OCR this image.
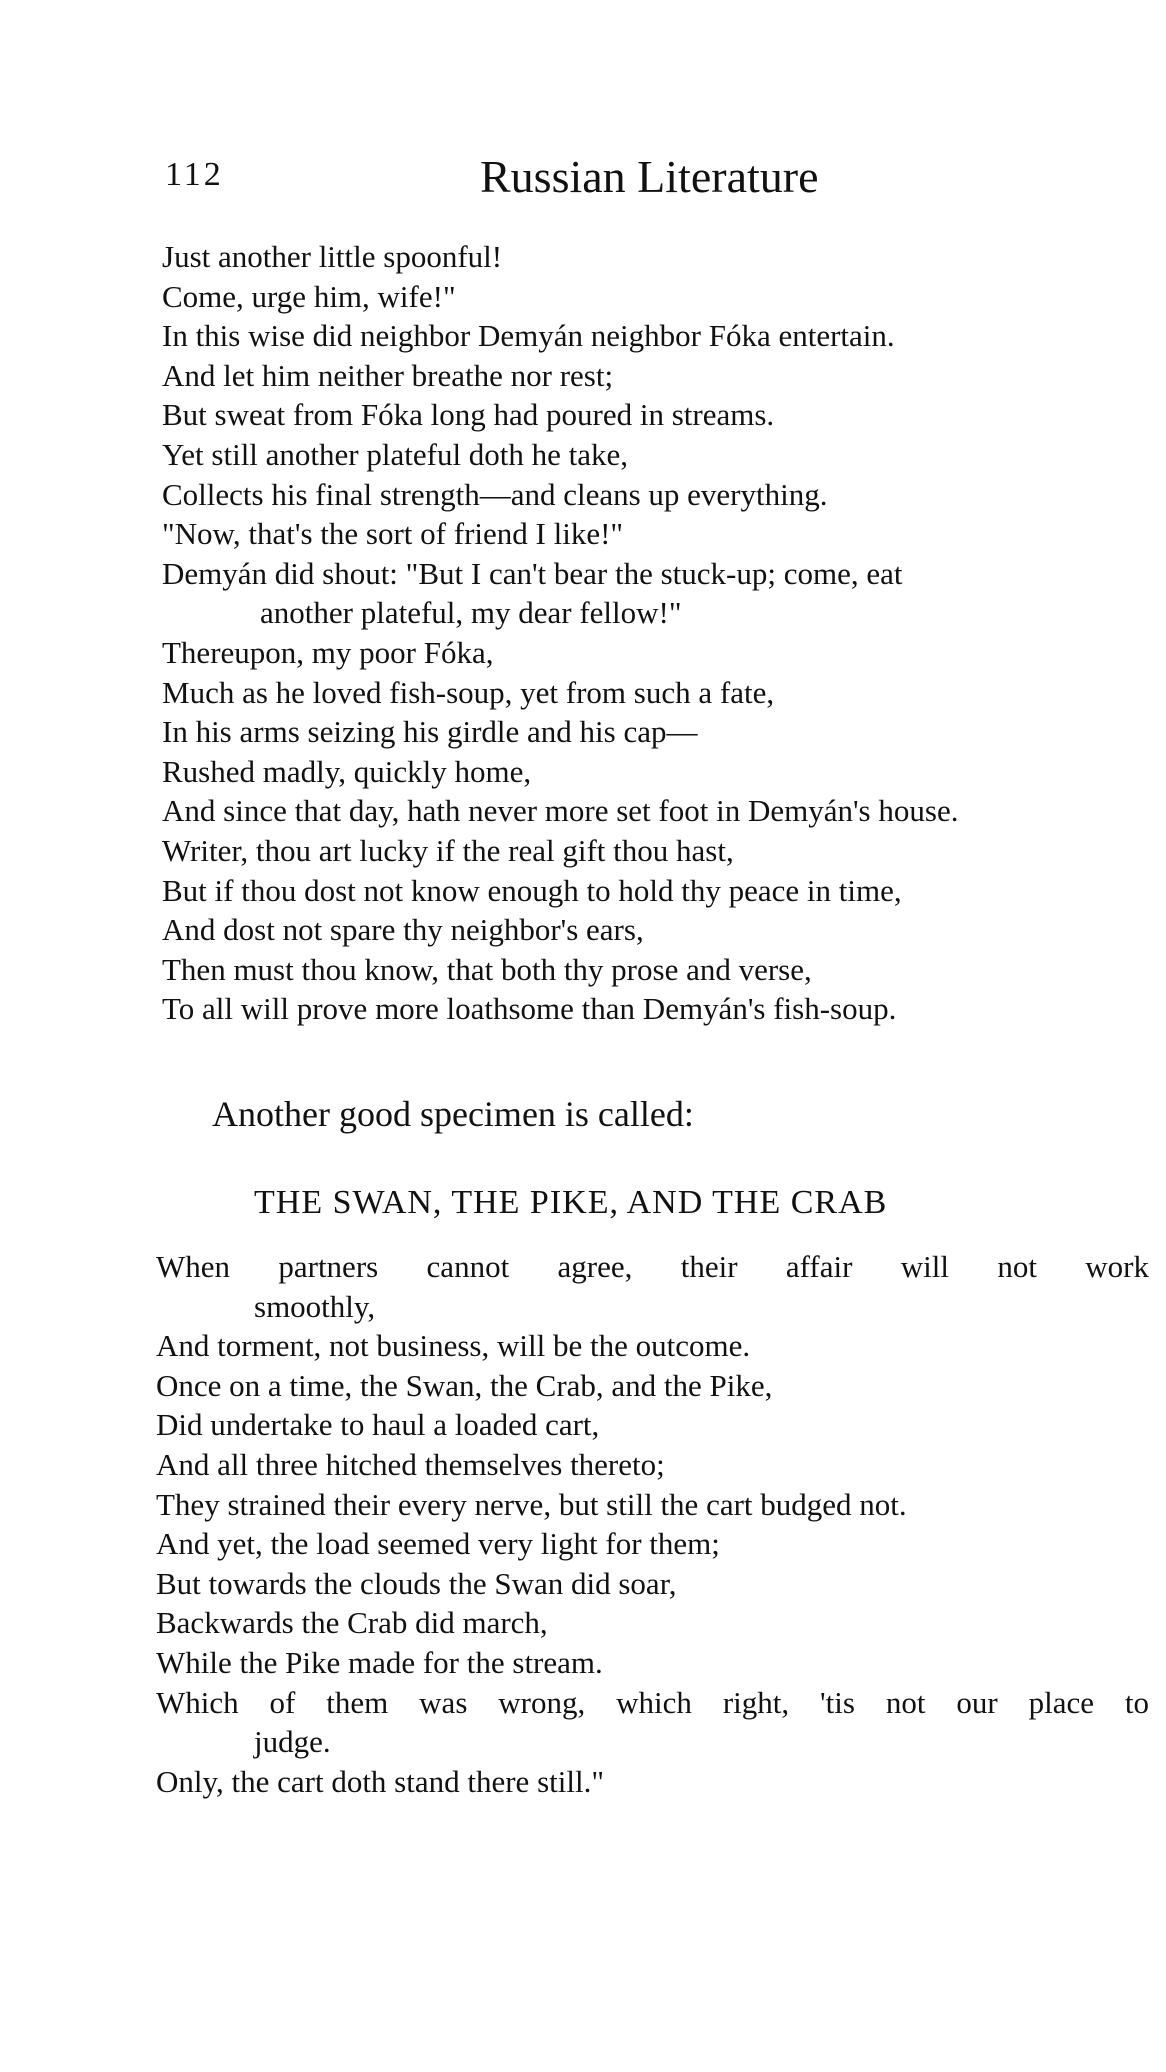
112	Russian Literature
Just another little spoonful!
Come, urge him, wife!"
In this wise did neighbor Demyán neighbor Fóka entertain.
And let him neither breathe nor rest;
But sweat from Fóka long had poured in streams.
Yet still another plateful doth he take,
Collects his final strength—and cleans up everything.
"Now, that's the sort of friend I like!"
Demyán did shout: "But I can't bear the stuck-up; come, eat
another plateful, my dear fellow!"
Thereupon, my poor Fóka,
Much as he loved fish-soup, yet from such a fate,
In his arms seizing his girdle and his cap—
Rushed madly, quickly home,
And since that day, hath never more set foot in Demyán's house.
Writer, thou art lucky if the real gift thou hast,
But if thou dost not know enough to hold thy peace in time,
And dost not spare thy neighbor's ears,
Then must thou know, that both thy prose and verse,
To all will prove more loathsome than Demyán's fish-soup.
Another good specimen is called:
THE SWAN, THE PIKE, AND THE CRAB
When partners cannot agree, their affair will not work
smoothly,
And torment, not business, will be the outcome.
Once on a time, the Swan, the Crab, and the Pike,
Did undertake to haul a loaded cart,
And all three hitched themselves thereto;
They strained their every nerve, but still the cart budged not.
And yet, the load seemed very light for them;
But towards the clouds the Swan did soar,
Backwards the Crab did march,
While the Pike made for the stream.
Which of them was wrong, which right, 'tis not our place to
judge.
Only, the cart doth stand there still."
